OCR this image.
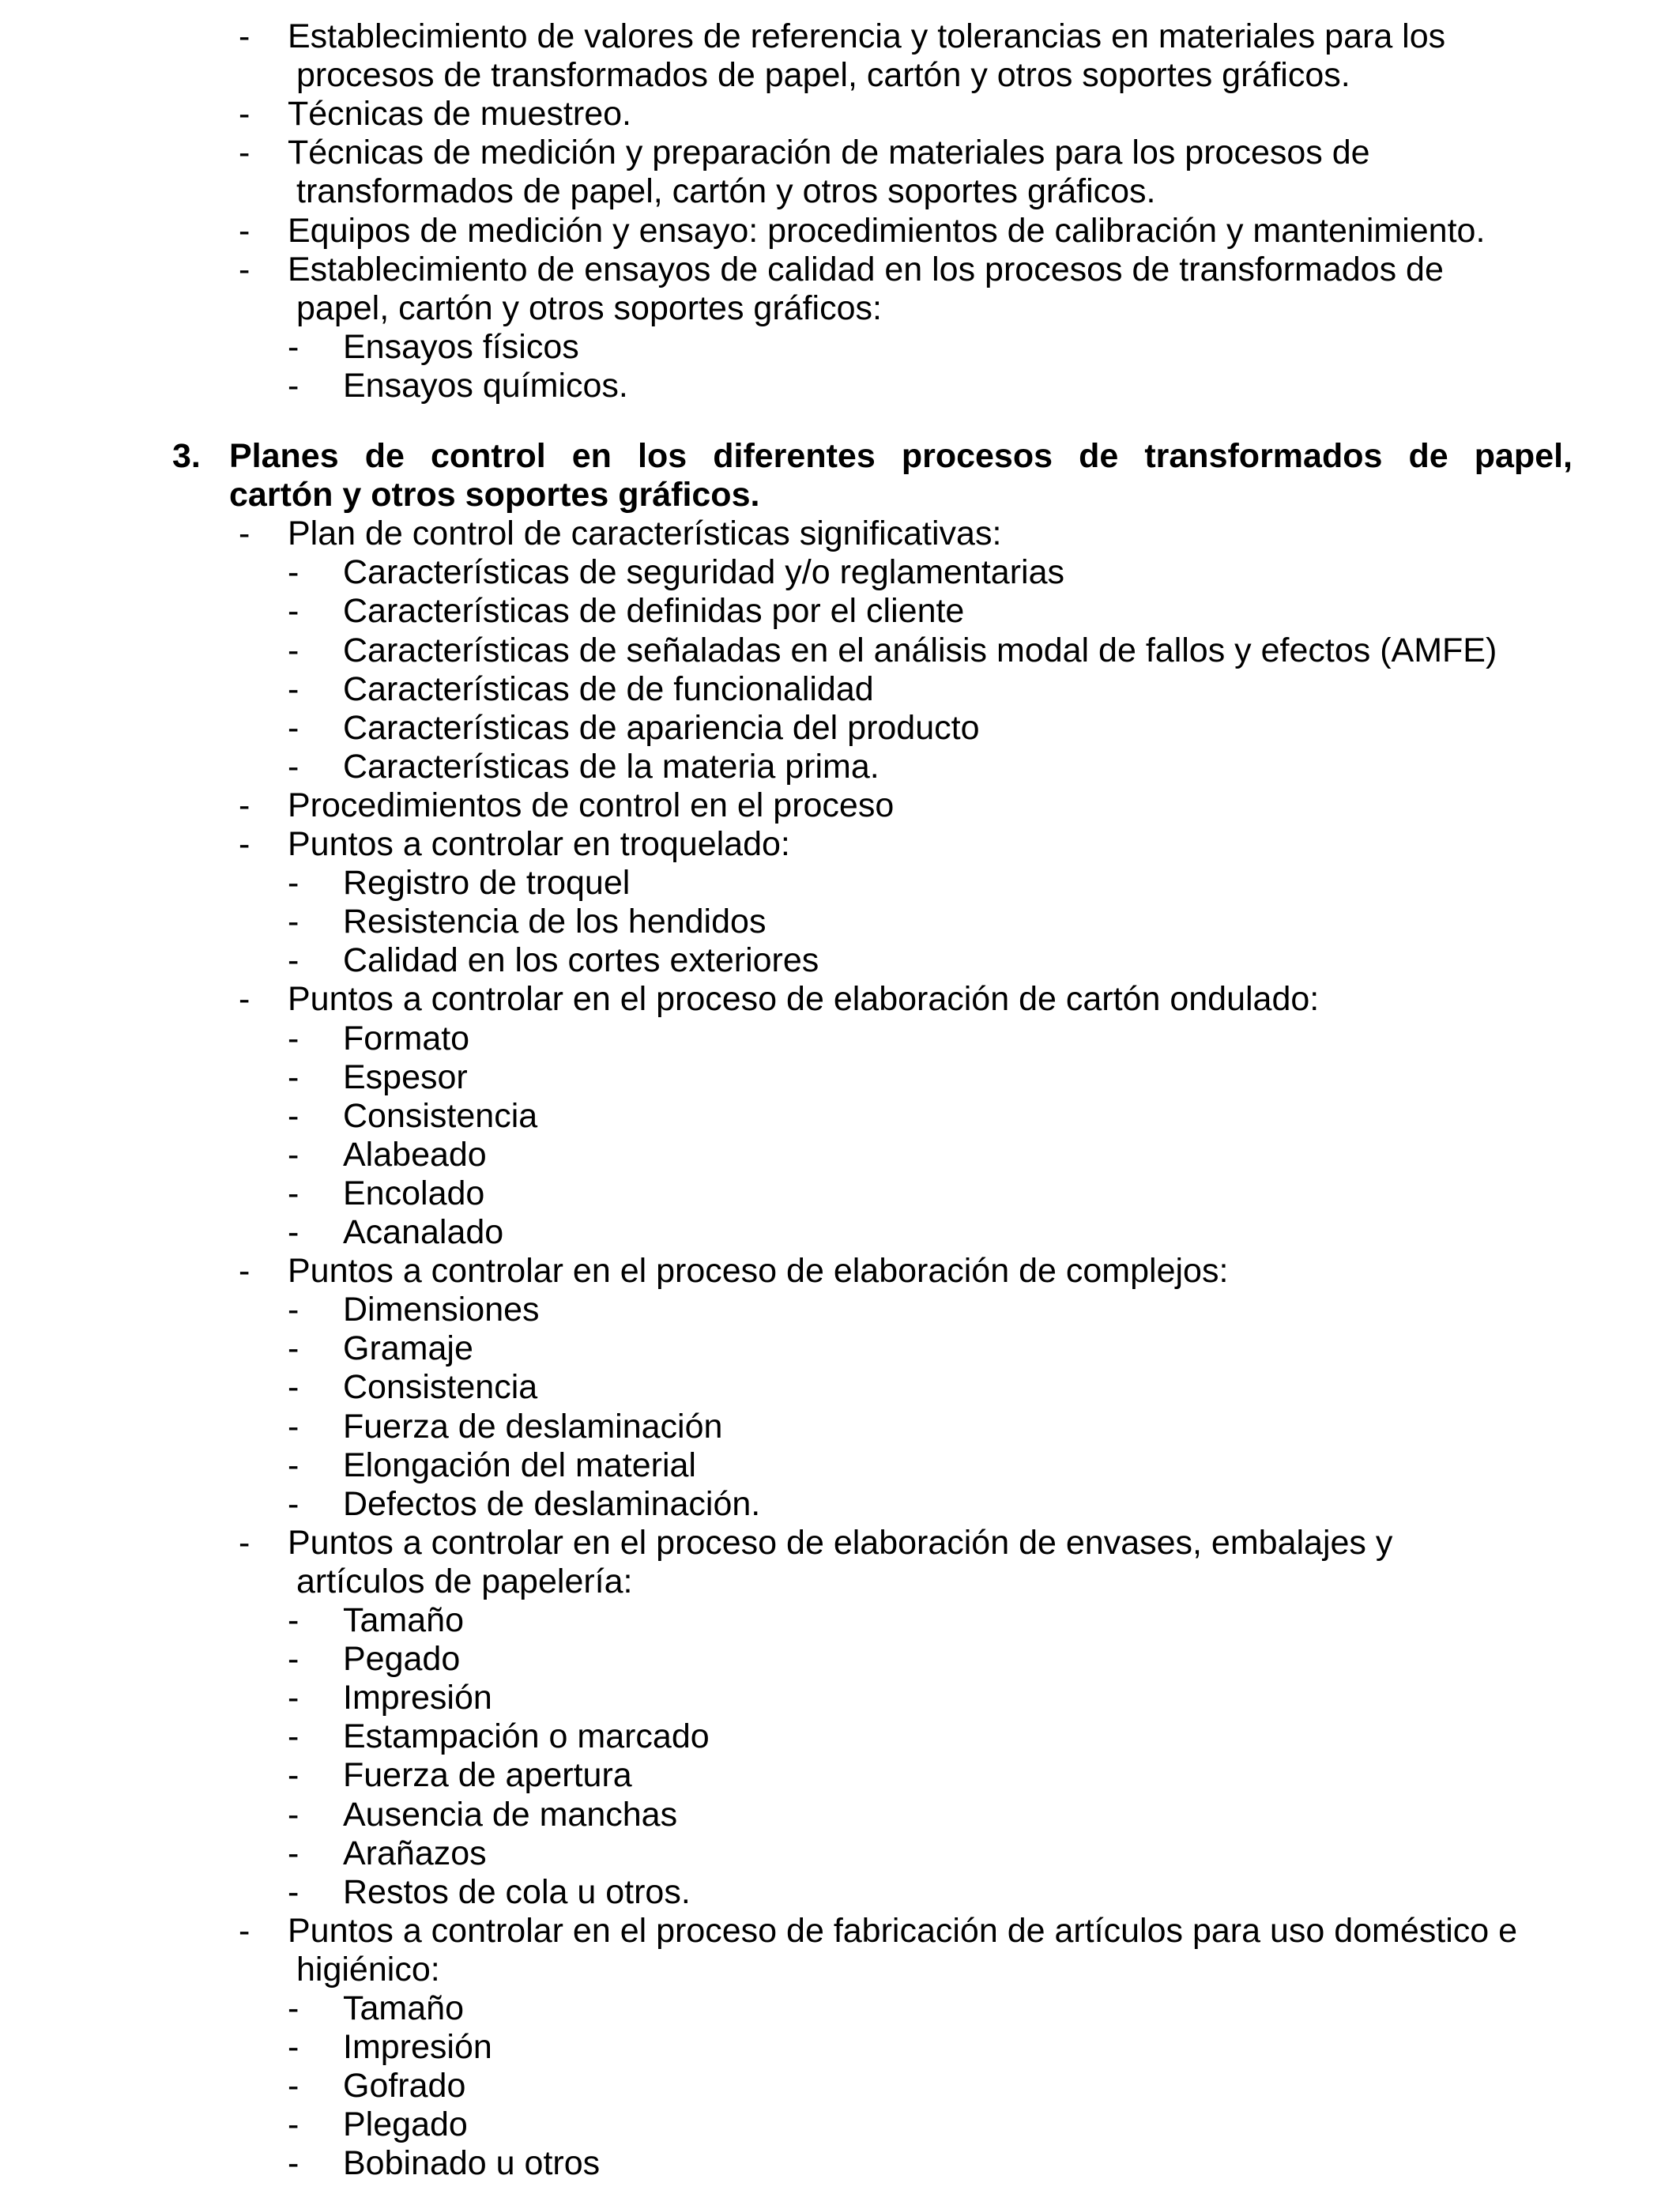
- Establecimiento de valores de referencia y tolerancias en materiales para los
procesos de transformados de papel, cartón y otros soportes gráficos.
- Técnicas de muestreo.
- Técnicas de medición y preparación de materiales para los procesos de
transformados de papel, cartón y otros soportes gráficos.
- Equipos de medición y ensayo: procedimientos de calibración y mantenimiento.
- Establecimiento de ensayos de calidad en los procesos de transformados de
papel, cartón y otros soportes gráficos:
- Ensayos físicos
- Ensayos químicos.
3. Planes de control en los diferentes procesos de transformados de papel,
cartón y otros soportes gráficos.
- Plan de control de características significativas:
- Características de seguridad y/o reglamentarias
- Características de definidas por el cliente
- Características de señaladas en el análisis modal de fallos y efectos (AMFE)
- Características de de funcionalidad
- Características de apariencia del producto
- Características de la materia prima.
- Procedimientos de control en el proceso
- Puntos a controlar en troquelado:
- Registro de troquel
- Resistencia de los hendidos
- Calidad en los cortes exteriores
- Puntos a controlar en el proceso de elaboración de cartón ondulado:
- Formato
- Espesor
- Consistencia
- Alabeado
- Encolado
- Acanalado
- Puntos a controlar en el proceso de elaboración de complejos:
- Dimensiones
- Gramaje
- Consistencia
- Fuerza de deslaminación
- Elongación del material
- Defectos de deslaminación.
- Puntos a controlar en el proceso de elaboración de envases, embalajes y
artículos de papelería:
- Tamaño
- Pegado
- Impresión
- Estampación o marcado
- Fuerza de apertura
- Ausencia de manchas
- Arañazos
- Restos de cola u otros.
- Puntos a controlar en el proceso de fabricación de artículos para uso doméstico e
higiénico:
- Tamaño
- Impresión
- Gofrado
- Plegado
- Bobinado u otros
